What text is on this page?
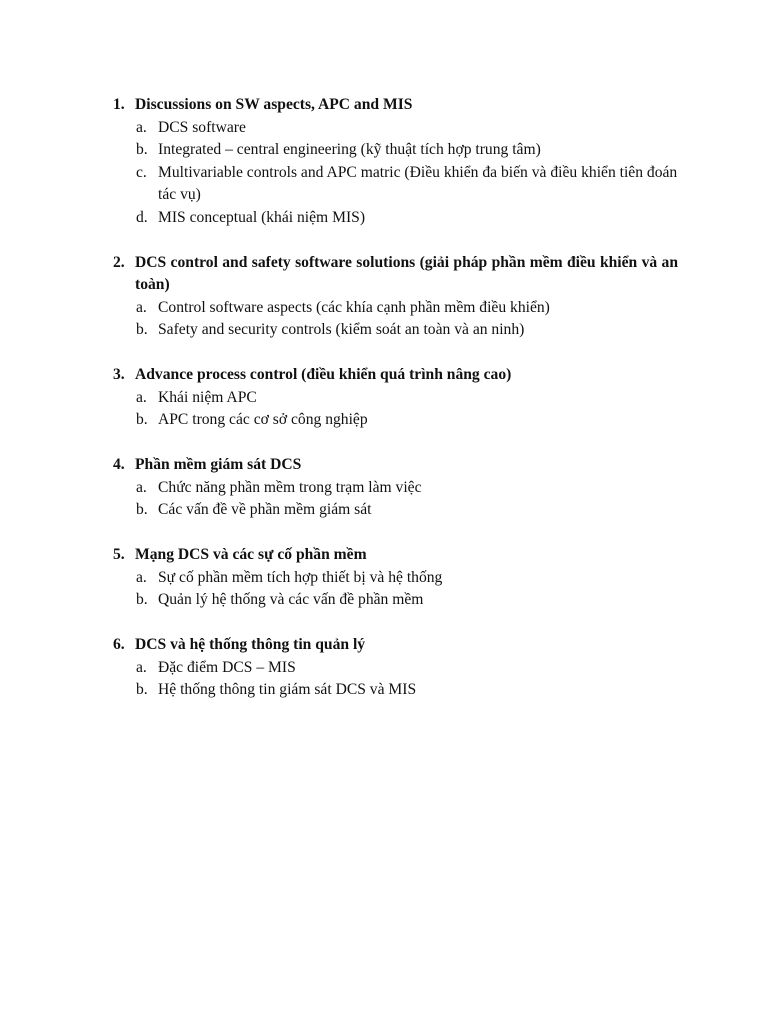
1. Discussions on SW aspects, APC and MIS
a. DCS software
b. Integrated – central engineering (kỹ thuật tích hợp trung tâm)
c. Multivariable controls and APC matric (Điều khiển đa biến và điều khiển tiên đoán tác vụ)
d. MIS conceptual (khái niệm MIS)
2. DCS control and safety software solutions (giải pháp phần mềm điều khiển và an toàn)
a. Control software aspects (các khía cạnh phần mềm điều khiển)
b. Safety and security controls (kiểm soát an toàn và an ninh)
3. Advance process control (điều khiển quá trình nâng cao)
a. Khái niệm APC
b. APC trong các cơ sở công nghiệp
4. Phần mềm giám sát DCS
a. Chức năng phần mềm trong trạm làm việc
b. Các vấn đề về phần mềm giám sát
5. Mạng DCS và các sự cố phần mềm
a. Sự cố phần mềm tích hợp thiết bị và hệ thống
b. Quản lý hệ thống và các vấn đề phần mềm
6. DCS và hệ thống thông tin quản lý
a. Đặc điểm DCS – MIS
b. Hệ thống thông tin giám sát DCS và MIS
